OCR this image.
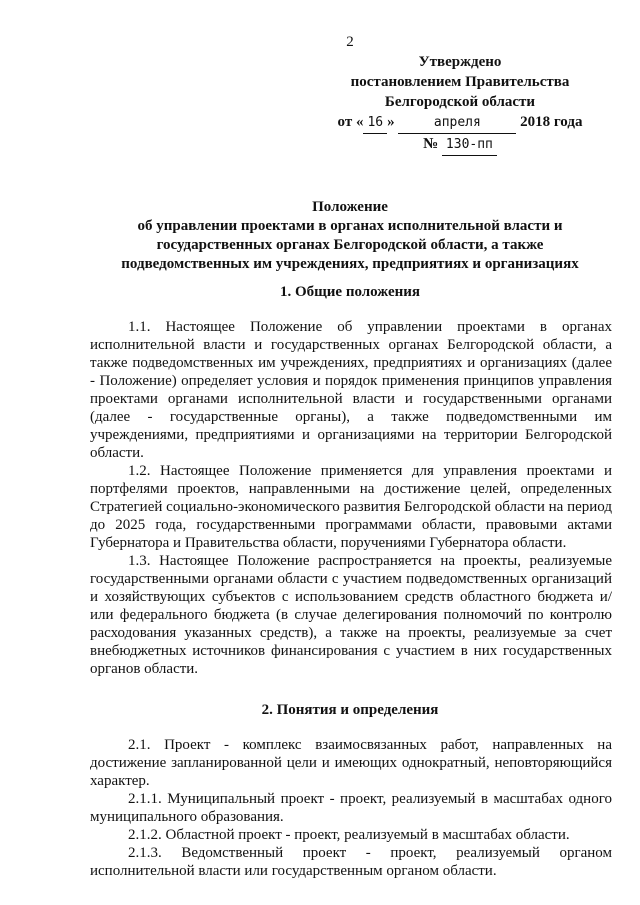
2
Утверждено
постановлением Правительства
Белгородской области
от « 16 »	апреля	2018 года
№ 130-пп
Положение
об управлении проектами в органах исполнительной власти и
государственных органах Белгородской области, а также
подведомственных им учреждениях, предприятиях и организациях
1. Общие положения

1.1. Настоящее Положение об управлении проектами в органах исполнительной власти и государственных органах Белгородской области, а также подведомственных им учреждениях, предприятиях и организациях (далее - Положение) определяет условия и порядок применения принципов управления проектами органами исполнительной власти и государственными органами (далее - государственные органы), а также подведомственными им учреждениями, предприятиями и организациями на территории Белгородской области.

1.2. Настоящее Положение применяется для управления проектами и портфелями проектов, направленными на достижение целей, определенных Стратегией социально-экономического развития Белгородской области на период до 2025 года, государственными программами области, правовыми актами Губернатора и Правительства области, поручениями Губернатора области.

1.3. Настоящее Положение распространяется на проекты, реализуемые государственными органами области с участием подведомственных организаций и хозяйствующих субъектов с использованием средств областного бюджета и/или федерального бюджета (в случае делегирования полномочий по контролю расходования указанных средств), а также на проекты, реализуемые за счет внебюджетных источников финансирования с участием в них государственных органов области.

2. Понятия и определения

2.1. Проект - комплекс взаимосвязанных работ, направленных на достижение запланированной цели и имеющих однократный, неповторяющийся характер.

2.1.1. Муниципальный проект - проект, реализуемый в масштабах одного муниципального образования.

2.1.2. Областной проект - проект, реализуемый в масштабах области.

2.1.3. Ведомственный проект - проект, реализуемый органом исполнительной власти или государственным органом области.
